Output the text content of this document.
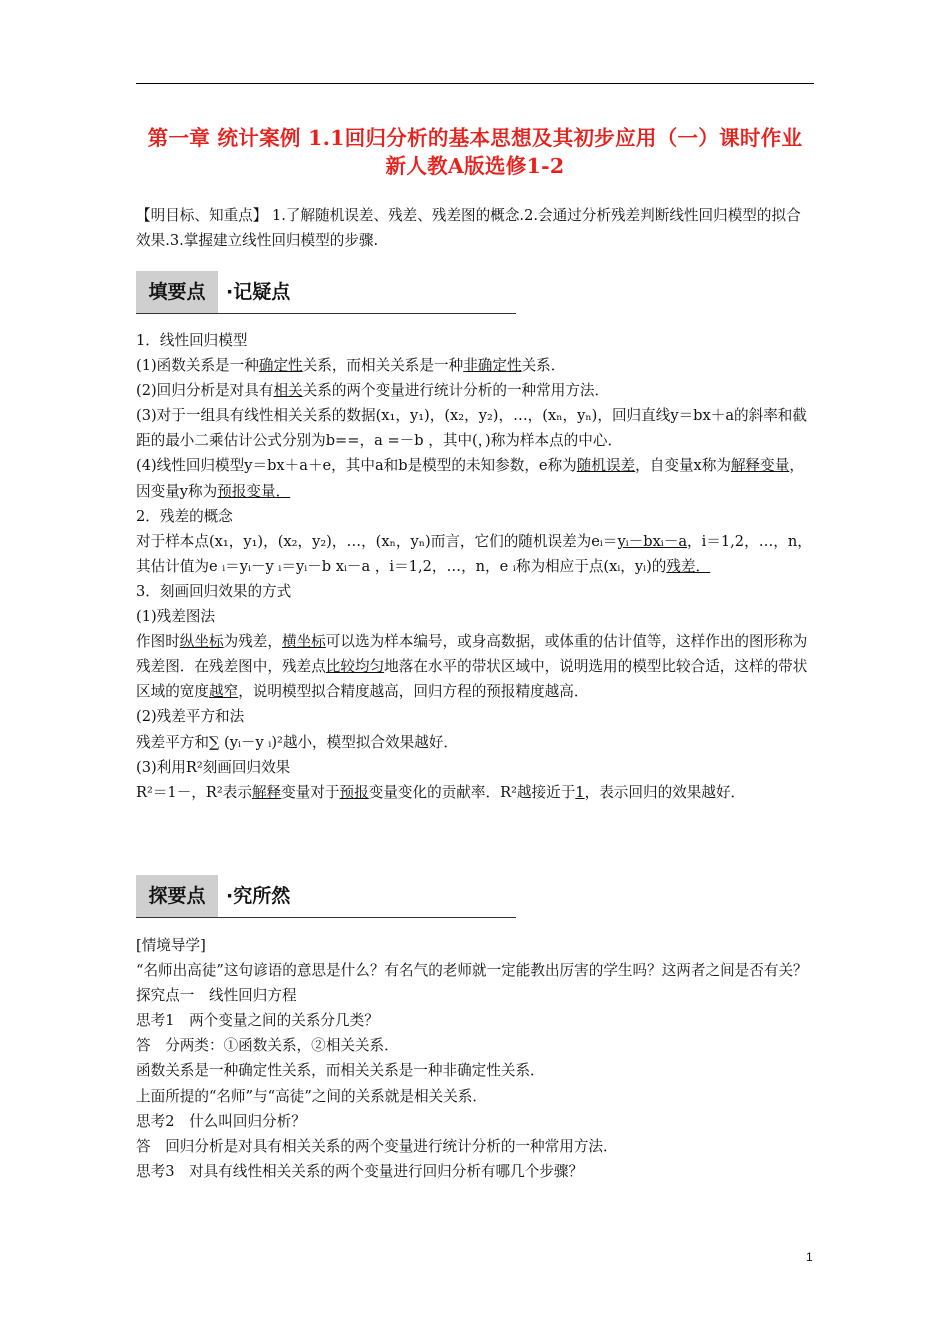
第一章 统计案例 1.1回归分析的基本思想及其初步应用（一）课时作业 新人教A版选修1-2
【明目标、知重点】 1.了解随机误差、残差、残差图的概念.2.会通过分析残差判断线性回归模型的拟合效果.3.掌握建立线性回归模型的步骤.
填要点	·记疑点

1．线性回归模型

(1)函数关系是一种确定性关系，而相关关系是一种非确定性关系．

(2)回归分析是对具有相关关系的两个变量进行统计分析的一种常用方法．

(3)对于一组具有线性相关关系的数据(x₁，y₁)，(x₂，y₂)，…，(xₙ，yₙ)，回归直线y＝bx＋a的斜率和截距的最小二乘估计公式分别为b==，a =－b ，其中(，)称为样本点的中心．

(4)线性回归模型y＝bx＋a＋e，其中a和b是模型的未知参数，e称为随机误差，自变量x称为解释变量，因变量y称为预报变量．

2．残差的概念

对于样本点(x₁，y₁)，(x₂，y₂)，…，(xₙ，yₙ)而言，它们的随机误差为eᵢ＝yᵢ－bxᵢ－a，i＝1,2，…，n，其估计值为e ᵢ＝yᵢ－y ᵢ＝yᵢ－b xᵢ－a ，i＝1,2，…，n，e ᵢ称为相应于点(xᵢ，yᵢ)的残差．

3．刻画回归效果的方式

(1)残差图法

作图时纵坐标为残差，横坐标可以选为样本编号，或身高数据，或体重的估计值等，这样作出的图形称为残差图．在残差图中，残差点比较均匀地落在水平的带状区域中，说明选用的模型比较合适，这样的带状区域的宽度越窄，说明模型拟合精度越高，回归方程的预报精度越高．

(2)残差平方和法

残差平方和∑ (yᵢ－y ᵢ)²越小，模型拟合效果越好．

(3)利用R²刻画回归效果

R²＝1－，R²表示解释变量对于预报变量变化的贡献率．R²越接近于1，表示回归的效果越好．

探要点	·究所然

[情境导学]

“名师出高徒”这句谚语的意思是什么？有名气的老师就一定能教出厉害的学生吗？这两者之间是否有关？

探究点一　线性回归方程

思考1　两个变量之间的关系分几类？

答　分两类：①函数关系，②相关关系．

函数关系是一种确定性关系，而相关关系是一种非确定性关系．

上面所提的“名师”与“高徒”之间的关系就是相关关系．

思考2　什么叫回归分析？

答　回归分析是对具有相关关系的两个变量进行统计分析的一种常用方法．

思考3　对具有线性相关关系的两个变量进行回归分析有哪几个步骤？

1
